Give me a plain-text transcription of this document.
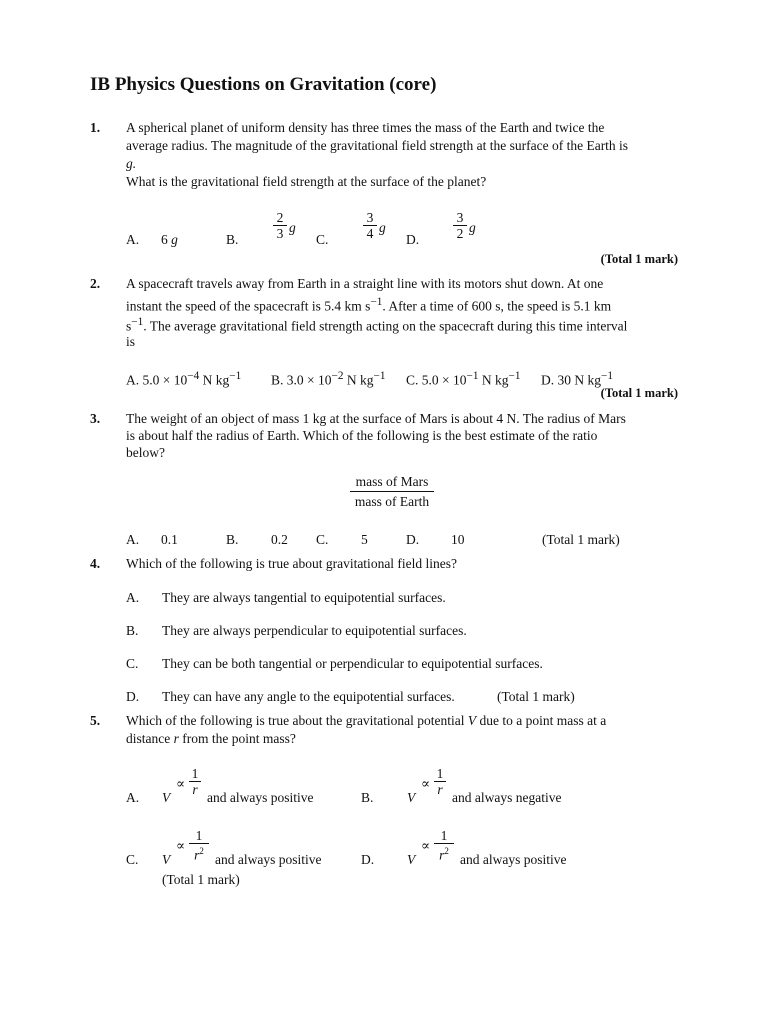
IB Physics Questions on Gravitation (core)
1. A spherical planet of uniform density has three times the mass of the Earth and twice the
average radius. The magnitude of the gravitational field strength at the surface of the Earth is
g.
What is the gravitational field strength at the surface of the planet?
A. 6 g	B.
2
3 g
C.
3
4 g
D.
3
2 g
(Total 1 mark)
2. A spacecraft travels away from Earth in a straight line with its motors shut down. At one
instant the speed of the spacecraft is 5.4 km $s^{-1}$. After a time of 600 s, the speed is 5.1 km
$s^{-1}$. The average gravitational field strength acting on the spacecraft during this time interval
is
A. $5.0 \times 10^{-4}$ N $kg^{-1}$ B. $3.0 \times 10^{-2}$ N $kg^{-1}$ C. $5.0 \times 10^{-1}$ N $kg^{-1}$ D. 30 N $kg^{-1}$
(Total 1 mark)
3. The weight of an object of mass 1 kg at the surface of Mars is about 4 N. The radius of Mars
is about half the radius of Earth. Which of the following is the best estimate of the ratio
below?
mass of Mars
mass of Earth
A. 0.1	B. 0.2 C. 5	D. 10	(Total 1 mark)
4. Which of the following is true about gravitational field lines?
A. They are always tangential to equipotential surfaces.
B. They are always perpendicular to equipotential surfaces.
C. They can be both tangential or perpendicular to equipotential surfaces.
D. They can have any angle to the equipotential surfaces.	(Total 1 mark)
5. Which of the following is true about the gravitational potential V due to a point mass at a
distance r from the point mass?
A. V
∝
1
r
and always positive	B. V
∝
1
r
and always negative
C. V
∝
1
$r^2$
and always positive	D. V
∝
1
$r^2$
and always positive
(Total 1 mark)
